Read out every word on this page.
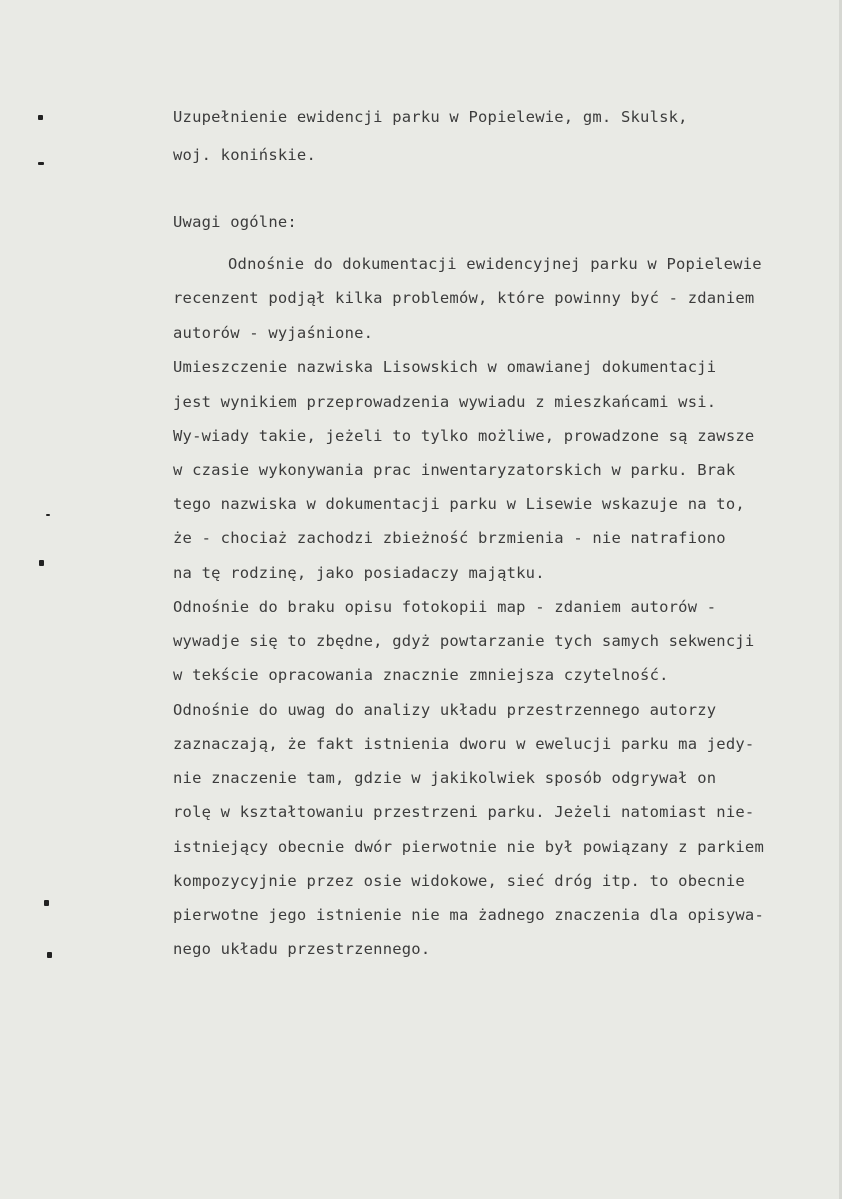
Uzupełnienie ewidencji parku w Popielewie, gm. Skulsk,
woj. konińskie.
Uwagi ogólne:
Odnośnie do dokumentacji ewidencyjnej parku w Popielewie
recenzent podjął kilka problemów, które powinny być - zdaniem
autorów - wyjaśnione.
Umieszczenie nazwiska Lisowskich w omawianej dokumentacji
jest wynikiem przeprowadzenia wywiadu z mieszkańcami wsi.
Wy-wiady takie, jeżeli to tylko możliwe, prowadzone są zawsze
w czasie wykonywania prac inwentaryzatorskich w parku. Brak
tego nazwiska w dokumentacji parku w Lisewie wskazuje na to,
że - chociaż zachodzi zbieżność brzmienia - nie natrafiono
na tę rodzinę, jako posiadaczy majątku.
Odnośnie do braku opisu fotokopii map - zdaniem autorów -
wywadje się to zbędne, gdyż powtarzanie tych samych sekwencji
w tekście opracowania znacznie zmniejsza czytelność.
Odnośnie do uwag do analizy układu przestrzennego autorzy
zaznaczają, że fakt istnienia dworu w ewelucji parku ma jedy-
nie znaczenie tam, gdzie w jakikolwiek sposób odgrywał on
rolę w kształtowaniu przestrzeni parku. Jeżeli natomiast nie-
istniejący obecnie dwór pierwotnie nie był powiązany z parkiem
kompozycyjnie przez osie widokowe, sieć dróg itp. to obecnie
pierwotne jego istnienie nie ma żadnego znaczenia dla opisywa-
nego układu przestrzennego.
